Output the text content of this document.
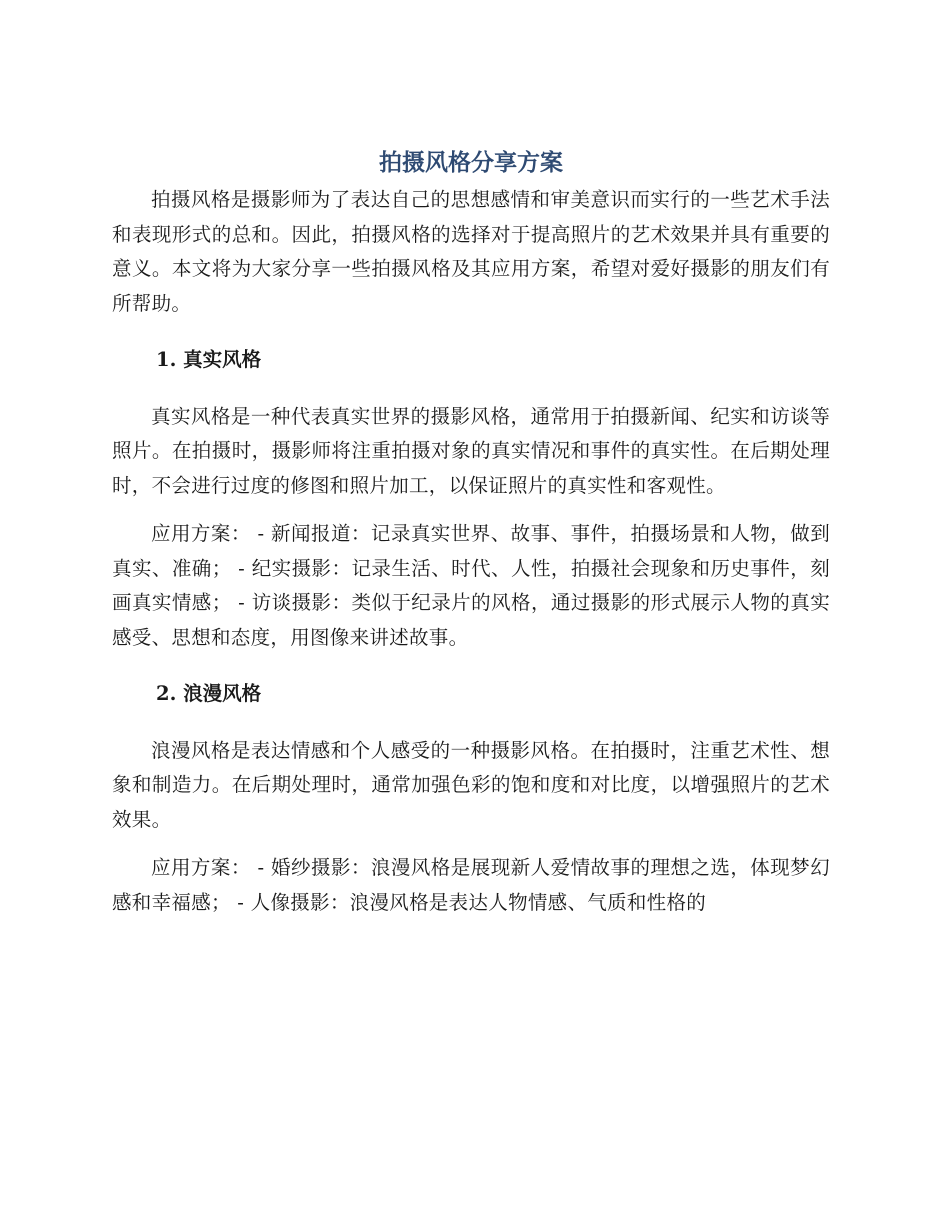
拍摄风格分享方案

拍摄风格是摄影师为了表达自己的思想感情和审美意识而实行的一些艺术手法和表现形式的总和。因此，拍摄风格的选择对于提高照片的艺术效果并具有重要的意义。本文将为大家分享一些拍摄风格及其应用方案，希望对爱好摄影的朋友们有所帮助。

1. 真实风格

真实风格是一种代表真实世界的摄影风格，通常用于拍摄新闻、纪实和访谈等照片。在拍摄时，摄影师将注重拍摄对象的真实情况和事件的真实性。在后期处理时，不会进行过度的修图和照片加工，以保证照片的真实性和客观性。

应用方案： - 新闻报道：记录真实世界、故事、事件，拍摄场景和人物，做到真实、准确； - 纪实摄影：记录生活、时代、人性，拍摄社会现象和历史事件，刻画真实情感； - 访谈摄影：类似于纪录片的风格，通过摄影的形式展示人物的真实感受、思想和态度，用图像来讲述故事。

2. 浪漫风格

浪漫风格是表达情感和个人感受的一种摄影风格。在拍摄时，注重艺术性、想象和制造力。在后期处理时，通常加强色彩的饱和度和对比度，以增强照片的艺术效果。

应用方案： - 婚纱摄影：浪漫风格是展现新人爱情故事的理想之选，体现梦幻感和幸福感； - 人像摄影：浪漫风格是表达人物情感、气质和性格的
